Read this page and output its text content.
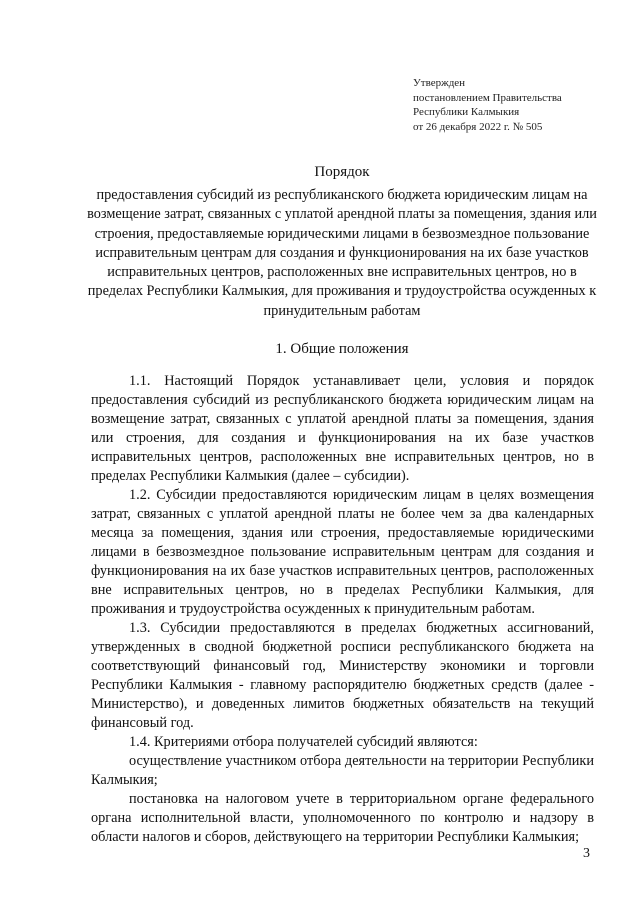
Утвержден
постановлением Правительства
Республики Калмыкия
от 26 декабря 2022 г. № 505
Порядок
предоставления субсидий из республиканского бюджета юридическим лицам на возмещение затрат, связанных с уплатой арендной платы за помещения, здания или строения, предоставляемые юридическими лицами в безвозмездное пользование исправительным центрам для создания и функционирования на их базе участков исправительных центров, расположенных вне исправительных центров, но в пределах Республики Калмыкия, для проживания и трудоустройства осужденных к принудительным работам
1. Общие положения

1.1. Настоящий Порядок устанавливает цели, условия и порядок предоставления субсидий из республиканского бюджета юридическим лицам на возмещение затрат, связанных с уплатой арендной платы за помещения, здания или строения, для создания и функционирования на их базе участков исправительных центров, расположенных вне исправительных центров, но в пределах Республики Калмыкия (далее – субсидии).

1.2. Субсидии предоставляются юридическим лицам в целях возмещения затрат, связанных с уплатой арендной платы не более чем за два календарных месяца за помещения, здания или строения, предоставляемые юридическими лицами в безвозмездное пользование исправительным центрам для создания и функционирования на их базе участков исправительных центров, расположенных вне исправительных центров, но в пределах Республики Калмыкия, для проживания и трудоустройства осужденных к принудительным работам.

1.3. Субсидии предоставляются в пределах бюджетных ассигнований, утвержденных в сводной бюджетной росписи республиканского бюджета на соответствующий финансовый год, Министерству экономики и торговли Республики Калмыкия - главному распорядителю бюджетных средств (далее - Министерство), и доведенных лимитов бюджетных обязательств на текущий финансовый год.

1.4. Критериями отбора получателей субсидий являются:

осуществление участником отбора деятельности на территории Республики Калмыкия;

постановка на налоговом учете в территориальном органе федерального органа исполнительной власти, уполномоченного по контролю и надзору в области налогов и сборов, действующего на территории Республики Калмыкия;

3
